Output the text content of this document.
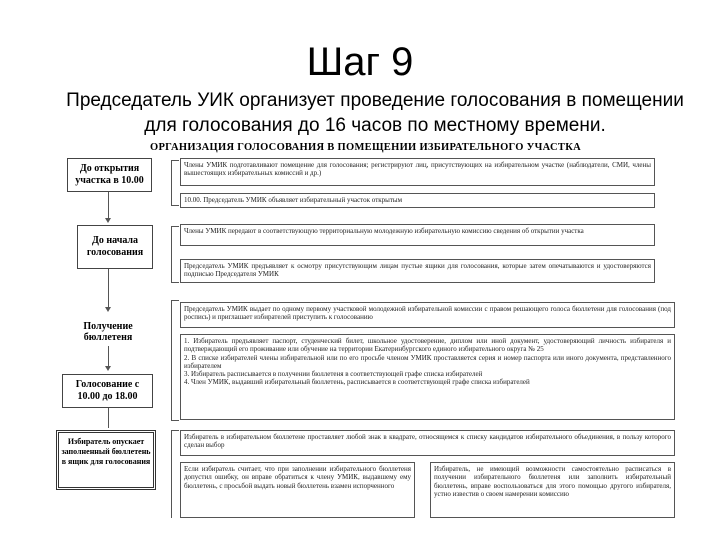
Шаг 9
Председатель УИК организует проведение голосования в помещении для голосования до 16 часов по местному времени.
ОРГАНИЗАЦИЯ ГОЛОСОВАНИЯ В ПОМЕЩЕНИИ ИЗБИРАТЕЛЬНОГО УЧАСТКА
До открытия участка в 10.00
До начала голосования
Получение бюллетеня
Голосование с 10.00 до 18.00
Избиратель опускает заполненный бюллетень в ящик для голосования

Члены УМИК подготавливают помещение для голосования; регистрируют лиц, присутствующих на избирательном участке (наблюдатели, СМИ, члены вышестоящих избирательных комиссий и др.)

10.00. Председатель УМИК объявляет избирательный участок открытым

Члены УМИК передают в соответствующую территориальную молодежную избирательную комиссию сведения об открытии участка

Председатель УМИК предъявляет к осмотру присутствующим лицам пустые ящики для голосования, которые затем опечатываются и удостоверяются подписью Председателя УМИК

Председатель УМИК выдает по одному первому участковой молодежной избирательной комиссии с правом решающего голоса бюллетени для голосования (под роспись) и приглашает избирателей приступить к голосованию

1. Избиратель предъявляет паспорт, студенческий билет, школьное удостоверение, диплом или иной документ, удостоверяющий личность избирателя и подтверждающий его проживание или обучение на территории Екатеринбургского единого избирательного округа № 25

2. В списке избирателей члены избирательной или по его просьбе членом УМИК проставляется серия и номер паспорта или иного документа, представленного избирателем

3. Избиратель расписывается в получении бюллетеня в соответствующей графе списка избирателей

4. Член УМИК, выдавший избирательный бюллетень, расписывается в соответствующей графе списка избирателей

Избиратель в избирательном бюллетене проставляет любой знак в квадрате, относящемся к списку кандидатов избирательного объединения, в пользу которого сделан выбор

Если избиратель считает, что при заполнении избирательного бюллетеня допустил ошибку, он вправе обратиться к члену УМИК, выдавшему ему бюллетень, с просьбой выдать новый бюллетень взамен испорченного

Избиратель, не имеющий возможности самостоятельно расписаться в получении избирательного бюллетеня или заполнить избирательный бюллетень, вправе воспользоваться для этого помощью другого избирателя, устно известив о своем намерении комиссию
